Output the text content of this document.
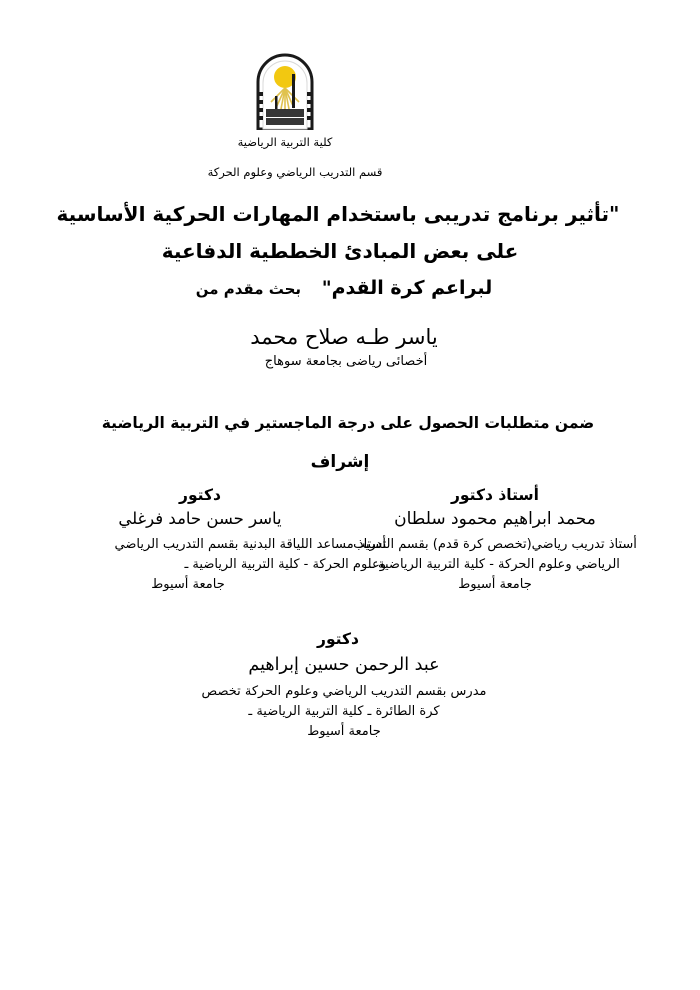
كلية التربية الرياضية
قسم التدريب الرياضي وعلوم الحركة
"تأثير برنامج تدريبى باستخدام المهارات الحركية الأساسية
على بعض المبادئ الخططية الدفاعية
لبراعم كرة القدم" بحث مقدم من
ياسر طـه صلاح محمد
أخصائى رياضى بجامعة سوهاج
ضمن متطلبات الحصول على درجة الماجستير في التربية الرياضية
إشراف
أستاذ دكتور
محمد ابراهيم محمود سلطان
أستاذ تدريب رياضي(تخصص كرة قدم) بقسم التدريب
الرياضي وعلوم الحركة - كلية التربية الرياضية ـ
جامعة أسيوط
دكتور
ياسر حسن حامد فرغلي
أستاذ مساعد اللياقة البدنية بقسم التدريب الرياضي
وعلوم الحركة - كلية التربية الرياضية ـ
جامعة أسيوط
دكتور
عبد الرحمن حسين إبراهيم
مدرس بقسم التدريب الرياضي وعلوم الحركة تخصص
كرة الطائرة ـ كلية التربية الرياضية ـ
جامعة أسيوط
